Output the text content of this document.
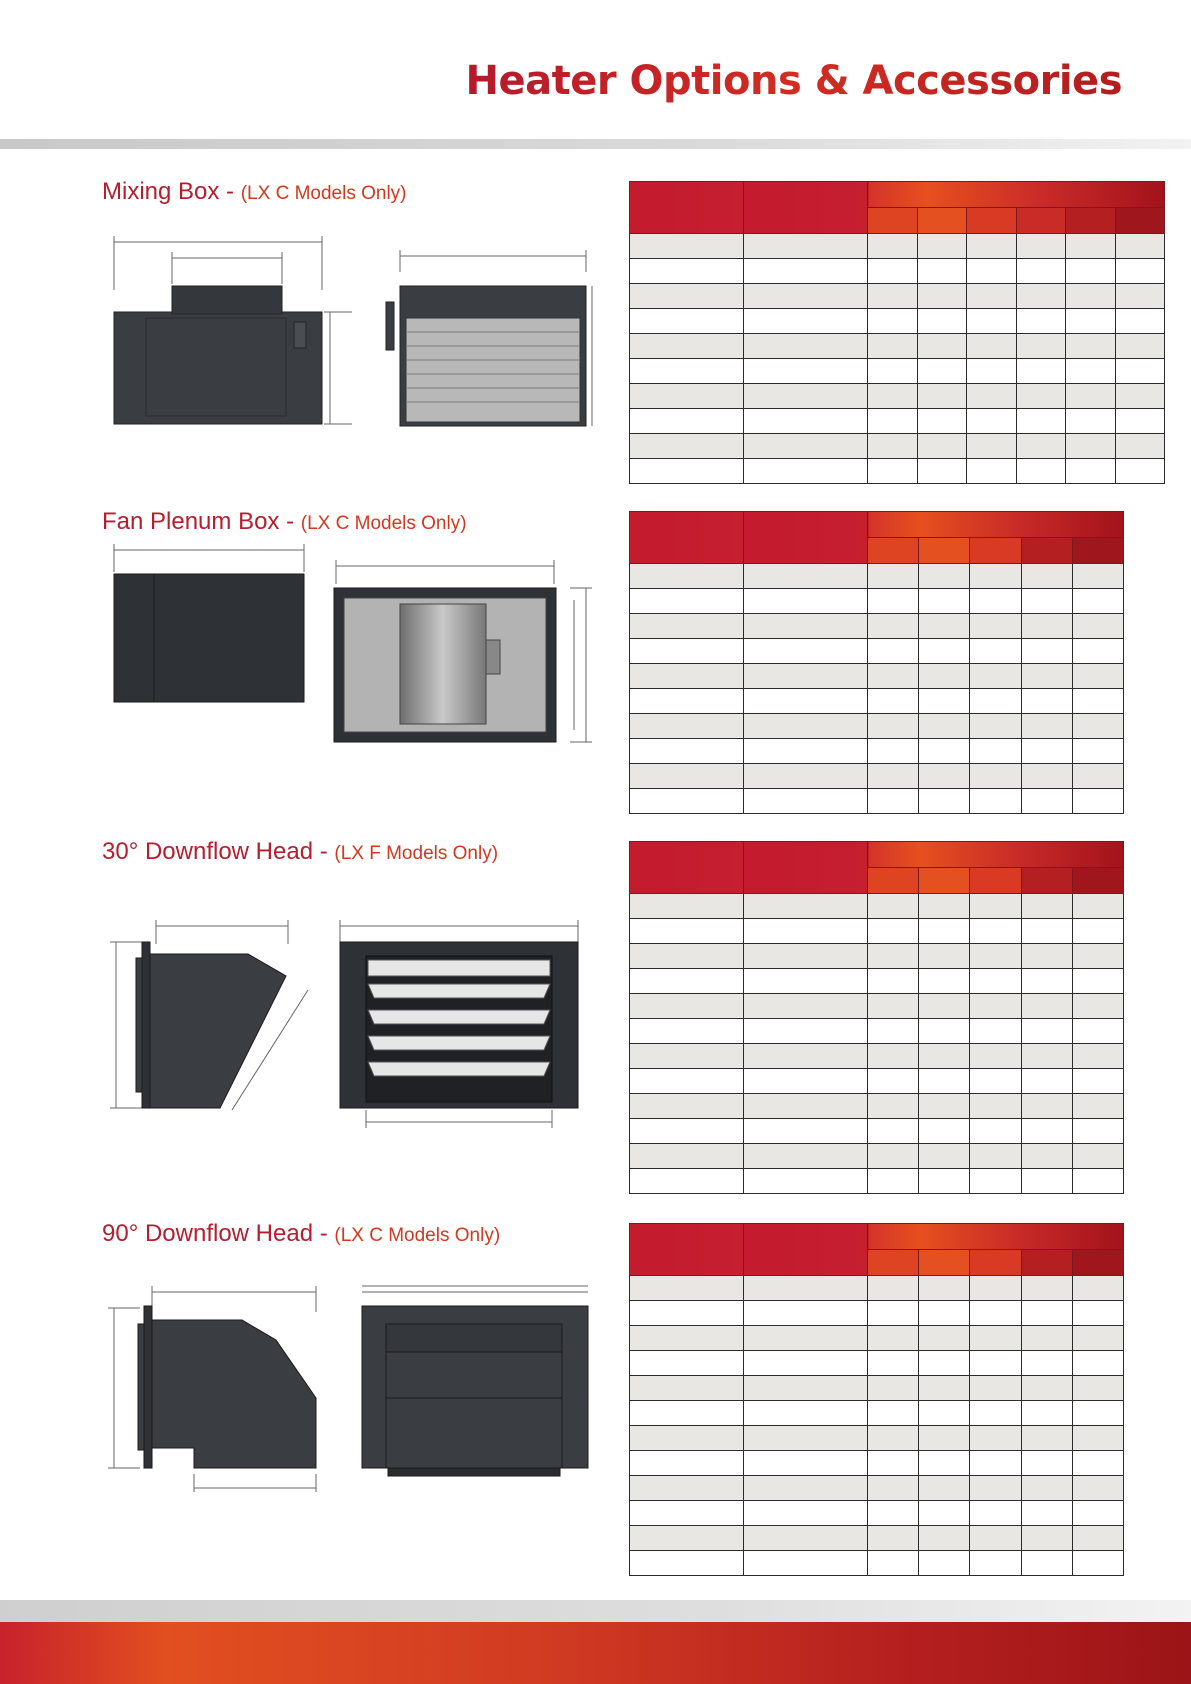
Heater Options & Accessories
Mixing Box - (LX C Models Only)

Fan Plenum Box - (LX C Models Only)

30° Downflow Head - (LX F Models Only)

90° Downflow Head - (LX C Models Only)
